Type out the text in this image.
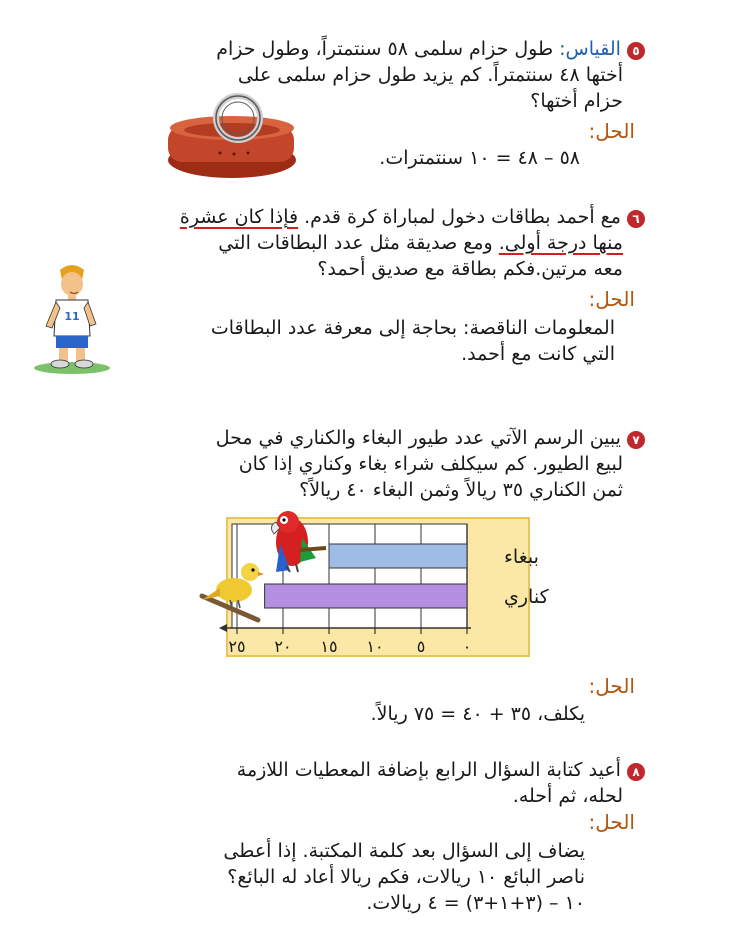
٥ القياس: طول حزام سلمى ٥٨ سنتمتراً، وطول حزام
أختها ٤٨ سنتمتراً. كم يزيد طول حزام سلمى على
حزام أختها؟
الحل:
٥٨ – ٤٨ = ١٠ سنتمترات.
٦ مع أحمد بطاقات دخول لمباراة كرة قدم. فإذا كان عشرة
منها درجة أولى. ومع صديقة مثل عدد البطاقات التي
معه مرتين.فكم بطاقة مع صديق أحمد؟
الحل:
المعلومات الناقصة: بحاجة إلى معرفة عدد البطاقات
التي كانت مع أحمد.
11
٧ يبين الرسم الآتي عدد طيور البغاء والكناري في محل
لبيع الطيور. كم سيكلف شراء بغاء وكناري إذا كان
ثمن الكناري ٣٥ ريالاً وثمن البغاء ٤٠ ريالاً؟
٠
٥
١٠
١٥
٢٠
٢٥
ببغاء
كناري
الحل:
يكلف، ٣٥ + ٤٠ = ٧٥ ريالاً.
٨ أعيد كتابة السؤال الرابع بإضافة المعطيات اللازمة
لحله، ثم أحله.
الحل:
يضاف إلى السؤال بعد كلمة المكتبة. إذا أعطى
ناصر البائع ١٠ ريالات، فكم ريالا أعاد له البائع؟
١٠ – (٣+١+٣) = ٤ ريالات.
